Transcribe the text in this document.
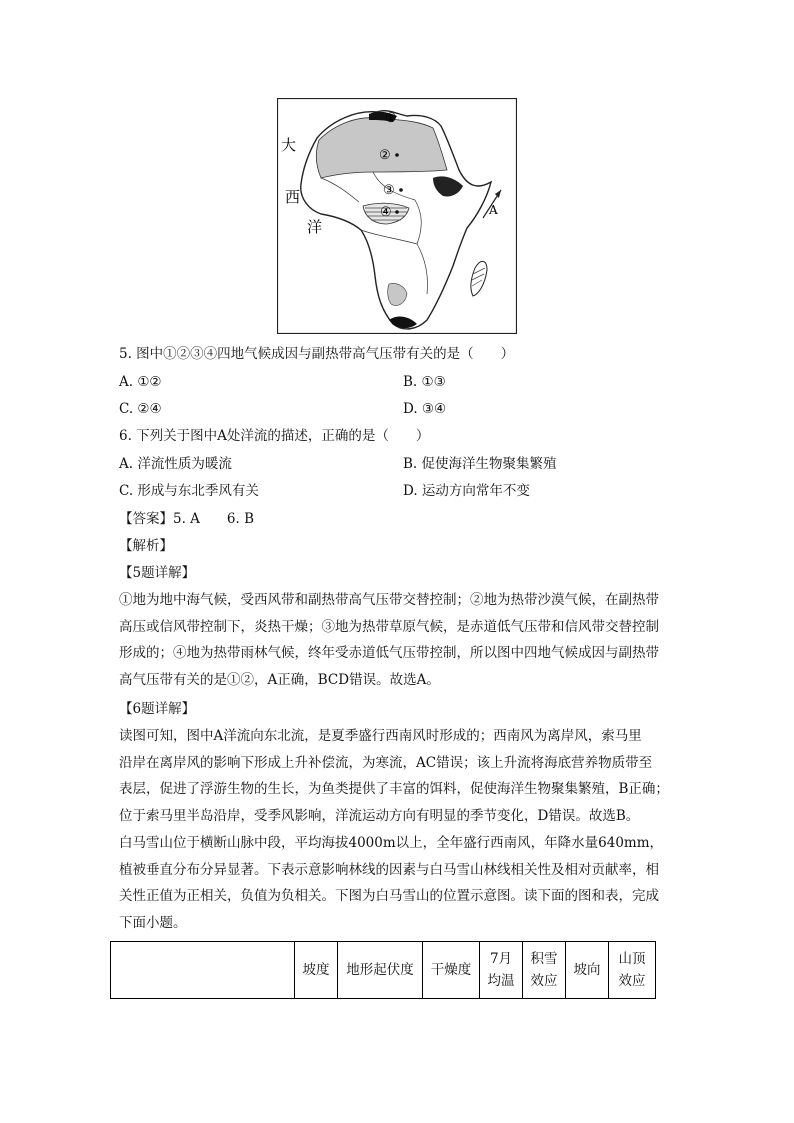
大
西
洋
①
②
③
④	A
5. 图中①②③④四地气候成因与副热带高气压带有关的是（　　）
A. ①②	B. ①③
C. ②④	D. ③④
6. 下列关于图中A处洋流的描述，正确的是（　　）
A. 洋流性质为暖流	B. 促使海洋生物聚集繁殖
C. 形成与东北季风有关	D. 运动方向常年不变
【答案】5. A　　6. B
【解析】
【5题详解】
①地为地中海气候，受西风带和副热带高气压带交替控制；②地为热带沙漠气候，在副热带
高压或信风带控制下，炎热干燥；③地为热带草原气候，是赤道低气压带和信风带交替控制
形成的；④地为热带雨林气候，终年受赤道低气压带控制，所以图中四地气候成因与副热带
高气压带有关的是①②，A正确，BCD错误。故选A。
【6题详解】
读图可知，图中A洋流向东北流，是夏季盛行西南风时形成的；西南风为离岸风，索马里
沿岸在离岸风的影响下形成上升补偿流，为寒流，AC错误；该上升流将海底营养物质带至
表层，促进了浮游生物的生长，为鱼类提供了丰富的饵料，促使海洋生物聚集繁殖，B正确；
位于索马里半岛沿岸，受季风影响，洋流运动方向有明显的季节变化，D错误。故选B。
白马雪山位于横断山脉中段，平均海拔4000m以上，全年盛行西南风，年降水量640mm，
植被垂直分布分异显著。下表示意影响林线的因素与白马雪山林线相关性及相对贡献率，相
关性正值为正相关，负值为负相关。下图为白马雪山的位置示意图。读下面的图和表，完成
下面小题。
	坡度	地形起伏度	干燥度	7月均温	积雪效应	坡向	山顶效应
